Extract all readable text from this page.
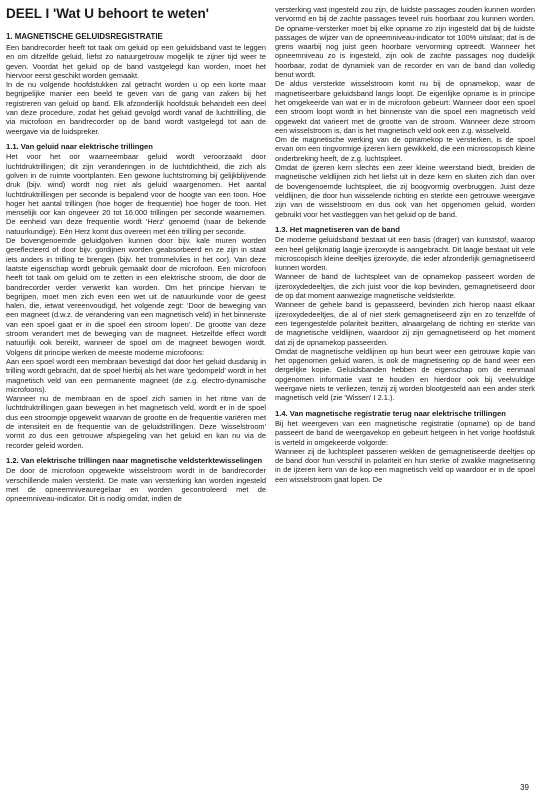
DEEL I 'Wat U behoort te weten'
1. MAGNETISCHE GELUIDSREGISTRATIE

Een bandrecorder heeft tot taak om geluid op een geluidsband vast te leggen en om ditzelfde geluid, liefst zo natuurgetrouw mogelijk te zijner tijd weer te geven. Voordat het geluid op de band vastgelegd kan worden, moet het hiervoor eerst geschikt worden gemaakt.

In de nu volgende hoofdstukken zal getracht worden u op een korte maar begrijpelijke manier een beeld te geven van de gang van zaken bij het registreren van geluid op band. Elk afzonderlijk hoofdstuk behandelt een deel van deze procedure, zodat het geluid gevolgd wordt vanaf de luchttrilling, die via microfoon en bandrecorder op de band wordt vastgelegd tot aan de weergave via de luidspreker.

1.1. Van geluid naar elektrische trillingen

Het voor het oor waarneembaar geluid wordt veroorzaakt door luchtdruktrillingen; dit zijn veranderingen in de luchtdichtheid, die zich als golven in de ruimte voortplanten. Een gewone luchtstroming bij gelijkblijvende druk (bijv. wind) wordt nog niet als geluid waargenomen. Het aantal luchtdruktrillingen per seconde is bepalend voor de hoogte van een toon. Hoe hoger het aantal trillingen (hoe hoger de frequentie) hoe hoger de toon. Het menselijk oor kan ongeveer 20 tot 16.000 trillingen per seconde waarnemen. De eenheid van deze frequentie wordt 'Herz' genoemd (naar de bekende natuurkundige). Eén Herz komt dus overeen met één trilling per seconde.

De bovengenoemde geluidgolven kunnen door bijv. kale muren worden gereflecteerd of door bijv. gordijnen worden geabsorbeerd en ze zijn in staat iets anders in trilling te brengen (bijv. het trommelvlies in het oor). Van deze laatste eigenschap wordt gebruik gemaakt door de microfoon. Een microfoon heeft tot taak om geluid om te zetten in een elektrische stroom, die door de bandrecorder verder verwerkt kan worden. Om het principe hiervan te begrijpen, moet men zich even een wet uit de natuurkunde voor de geest halen, die, ietwat vereenvoudigd, het volgende zegt: 'Door de beweging van een magneet (d.w.z. de verandering van een magnetisch veld) in het binnenste van een spoel gaat er in die spoel een stroom lopen'. De grootte van deze stroom verandert met de beweging van de magneet. Hetzelfde effect wordt natuurlijk ook bereikt, wanneer de spoel om de magneet bewogen wordt. Volgens dit principe werken de meeste moderne microfoons:

Aan een spoel wordt een membraan bevestigd dat door het geluid dusdanig in trilling wordt gebracht, dat de spoel hierbij als het ware 'gedompeld' wordt in het magnetisch veld van een permanente magneet (de z.g. electro-dynamische microfoons).

Wanneer nu de membraan en de spoel zich samen in het ritme van de luchtdruktrillingen gaan bewegen in het magnetisch veld, wordt er in de spoel dus een stroompje opgewekt waarvan de grootte en de frequentie variëren met de intensiteit en de frequentie van de geluidstrillingen. Deze 'wisselstroom' vormt zo dus een getrouwe afspiegeling van het geluid en kan nu via de recorder geleid worden.

1.2. Van elektrische trillingen naar magnetische veldsterktewisselingen

De door de microfoon opgewekte wisselstroom wordt in de bandrecorder verschillende malen versterkt. De mate van versterking kan worden ingesteld met de opneemniveauregelaar en worden gecontroleerd met de opneemniveau-indicator. Dit is nodig omdat, indien de

versterking vast ingesteld zou zijn, de luidste passages zouden kunnen worden vervormd en bij de zachte passages teveel ruis hoorbaar zou kunnen worden. De opname-versterker moet bij elke opname zo zijn ingesteld dat bij de luidste passages de wijzer van de opneemniveau-indicator tot 100% uitslaat; dat is de grens waarbij nog juist geen hoorbare vervorming optreedt. Wanneer het opneemniveau zo is ingesteld, zijn ook de zachte passages nog duidelijk hoorbaar, zodat de dynamiek van de recorder en van de band dan volledig benut wordt.

De aldus versterkte wisselstroom komt nu bij de opnamekop, waar de magnetiseerbare geluidsband langs loopt. De eigenlijke opname is in principe het omgekeerde van wat er in de microfoon gebeurt: Wanneer door een spoel een stroom loopt wordt in het binnenste van die spoel een magnetisch veld opgewekt dat varieert met de grootte van de stroom. Wanneer deze stroom een wisselstroom is, dan is het magnetisch veld ook een z.g. wisselveld.

Om de magnetische werking van de opnamekop te versterken, is de spoel ervan om een ringvormige ijzeren kern gewikkeld, die een microscopisch kleine onderbreking heeft, de z.g. luchtspleet.

Omdat de ijzeren kern slechts een zeer kleine weerstand biedt, breiden de magnetische veldlijnen zich het liefst uit in deze kern en sluiten zich dan over de bovengenoemde luchtspleet, die zij boogvormig overbruggen. Juist deze veldlijnen, die door hun wisselende richting en sterkte een getrouwe weergave zijn van de wisselstroom en dus ook van het opgenomen geluid, worden gebruikt voor het vastleggen van het geluid op de band.

1.3. Het magnetiseren van de band

De moderne geluidsband bestaat uit een basis (drager) van kunststof, waarop een heel gelijkmatig laagje ijzeroxyde is aangebracht. Dit laagje bestaat uit vele microscopisch kleine deeltjes ijzeroxyde, die ieder afzonderlijk gemagnetiseerd kunnen worden.

Wanneer de band de luchtspleet van de opnamekop passeert worden de ijzeroxydedeeltjes, die zich juist voor die kop bevinden, gemagnetiseerd door de op dat moment aanwezige magnetische veldsterkte.

Wanneer de gehele band is gepasseerd, bevinden zich hierop naast elkaar ijzeroxydedeeltjes, die al of niet sterk gemagnetiseerd zijn en zo tenzelfde of een tegengestelde polariteit bezitten, alnaargelang de richting en sterkte van de magnetische veldlijnen, waardoor zij zijn gemagnetiseerd op het moment dat zij de opnamekop passeerden.

Omdat de magnetische veldlijnen op hun beurt weer een getrouwe kopie van het opgenomen geluid waren, is ook de magnetisering op de band weer een dergelijke kopie. Geluidsbanden hebben de eigenschap om de eenmaal opgenomen informatie vast te houden en hierdoor ook bij veelvuldige weergave niets te verliezen, tenzij zij worden blootgesteld aan een ander sterk magnetisch veld (zie 'Wissen' I 2.1.).

1.4. Van magnetische registratie terug naar elektrische trillingen

Bij het weergeven van een magnetische registratie (opname) op de band passeert de band de weergavekop en gebeurt hetgeen in het vorige hoofdstuk is verteld in omgekeerde volgorde:

Wanneer zij de luchtspleet passeren wekken de gemagnetiseerde deeltjes op de band door hun verschil in polariteit en hun sterke of zwakke magnetisering in de ijzeren kern van de kop een magnetisch veld op waardoor er in de spoel een wisselstroom gaat lopen. De

39
